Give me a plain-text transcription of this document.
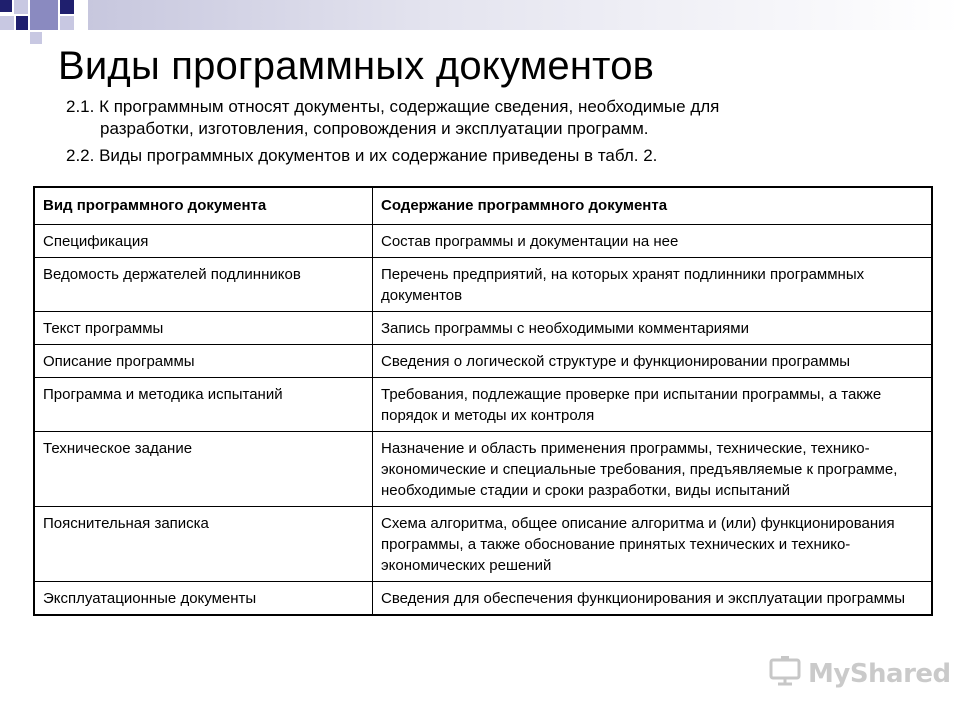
Виды программных документов

2.1. К программным относят документы, содержащие сведения, необходимые для
разработки, изготовления, сопровождения и эксплуатации программ.

2.2. Виды программных документов и их содержание приведены в табл. 2.

Вид программного документа	Содержание программного документа
Спецификация	Состав программы и документации на нее
Ведомость держателей подлинников	Перечень предприятий, на которых хранят подлинники программных документов
Текст программы	Запись программы с необходимыми комментариями
Описание программы	Сведения о логической структуре и функционировании программы
Программа и методика испытаний	Требования, подлежащие проверке при испытании программы, а также порядок и методы их контроля
Техническое задание	Назначение и область применения программы, технические, технико-экономические и специальные требования, предъявляемые к программе, необходимые стадии и сроки разработки, виды испытаний
Пояснительная записка	Схема алгоритма, общее описание алгоритма и (или) функционирования программы, а также обоснование принятых технических и технико-экономических решений
Эксплуатационные документы	Сведения для обеспечения функционирования и эксплуатации программы
MyShared
